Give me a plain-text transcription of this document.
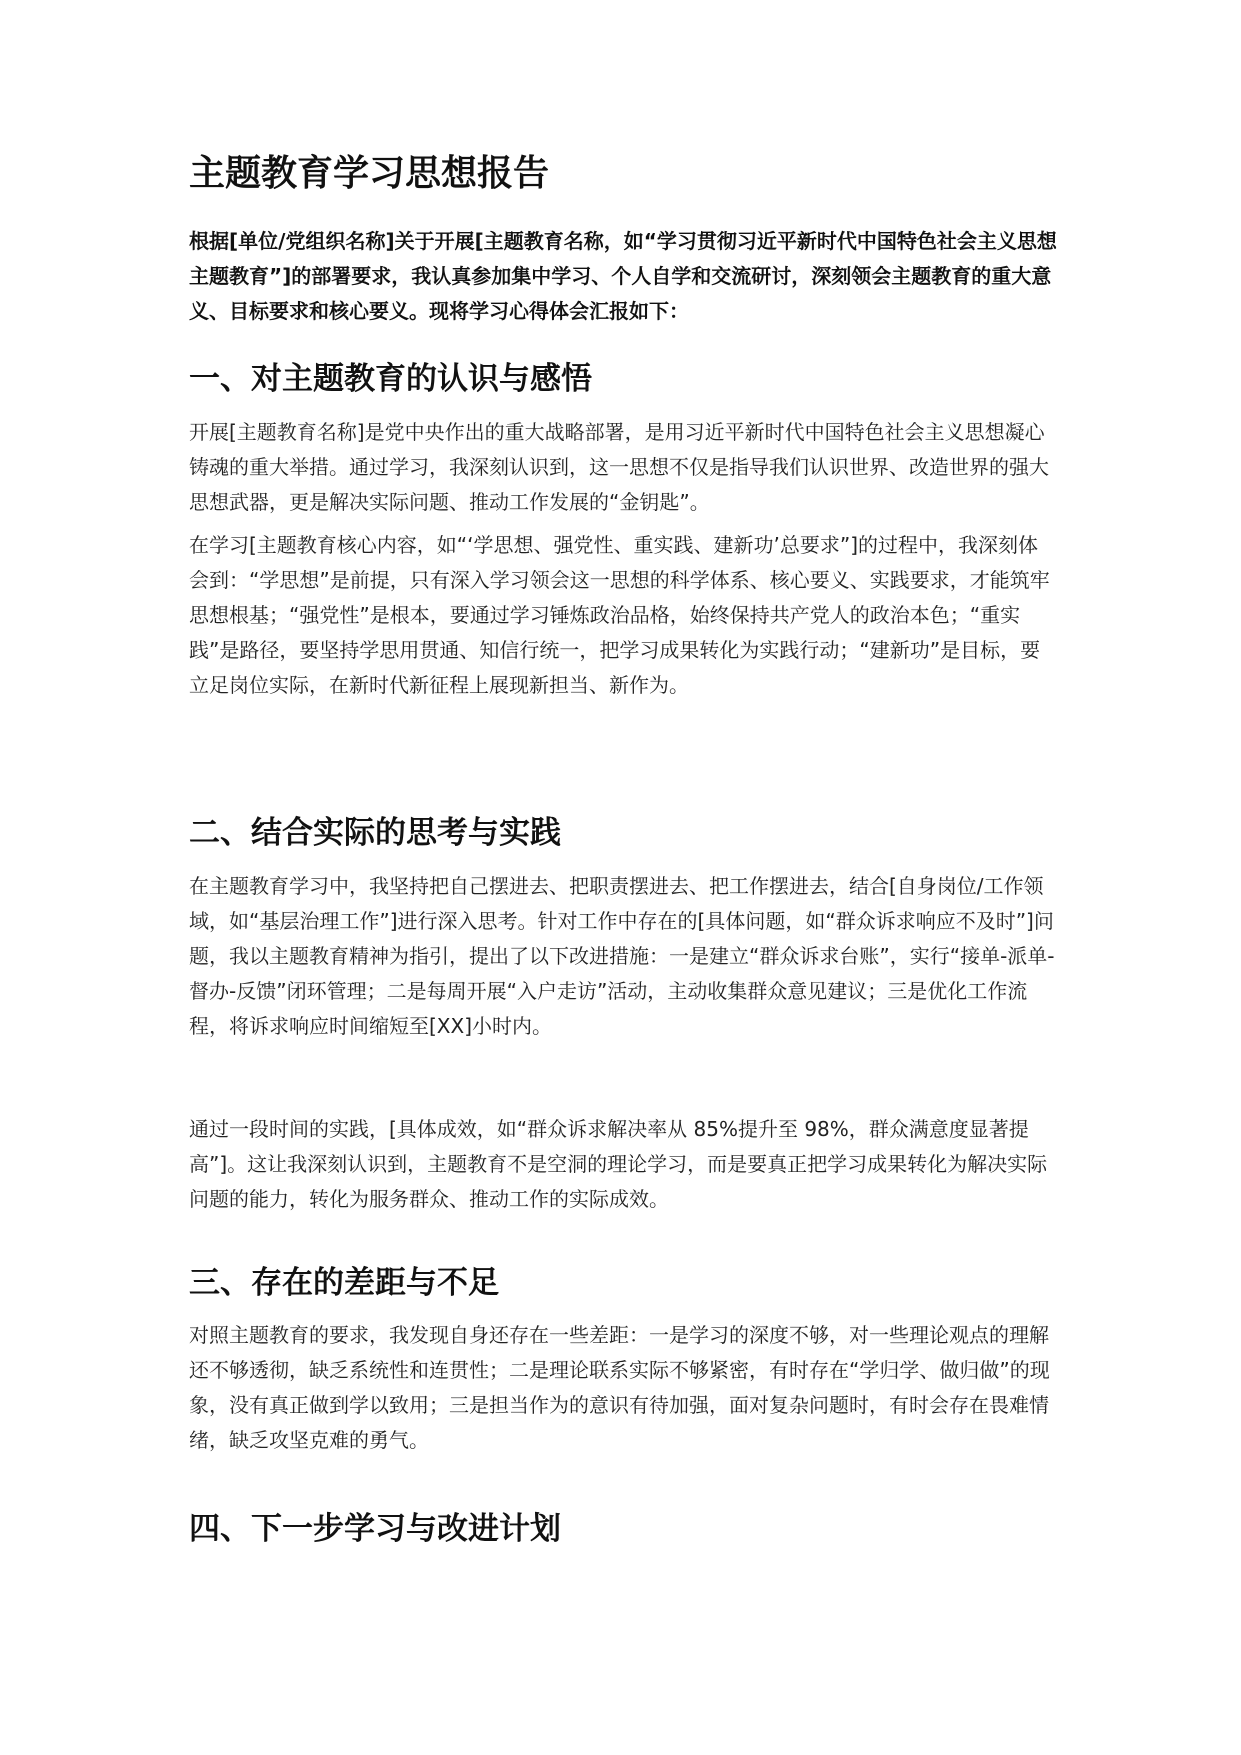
主题教育学习思想报告

根据[单位/党组织名称]关于开展[主题教育名称，如“学习贯彻习近平新时代中国特色社会主义思想主题教育”]的部署要求，我认真参加集中学习、个人自学和交流研讨，深刻领会主题教育的重大意义、目标要求和核心要义。现将学习心得体会汇报如下：

一、对主题教育的认识与感悟

开展[主题教育名称]是党中央作出的重大战略部署，是用习近平新时代中国特色社会主义思想凝心铸魂的重大举措。通过学习，我深刻认识到，这一思想不仅是指导我们认识世界、改造世界的强大思想武器，更是解决实际问题、推动工作发展的“金钥匙”。

在学习[主题教育核心内容，如“‘学思想、强党性、重实践、建新功’总要求”]的过程中，我深刻体会到：“学思想”是前提，只有深入学习领会这一思想的科学体系、核心要义、实践要求，才能筑牢思想根基；“强党性”是根本，要通过学习锤炼政治品格，始终保持共产党人的政治本色；“重实践”是路径，要坚持学思用贯通、知信行统一，把学习成果转化为实践行动；“建新功”是目标，要立足岗位实际，在新时代新征程上展现新担当、新作为。

二、结合实际的思考与实践

在主题教育学习中，我坚持把自己摆进去、把职责摆进去、把工作摆进去，结合[自身岗位/工作领域，如“基层治理工作”]进行深入思考。针对工作中存在的[具体问题，如“群众诉求响应不及时”]问题，我以主题教育精神为指引，提出了以下改进措施：一是建立“群众诉求台账”，实行“接单-派单-督办-反馈”闭环管理；二是每周开展“入户走访”活动，主动收集群众意见建议；三是优化工作流程，将诉求响应时间缩短至[XX]小时内。

通过一段时间的实践，[具体成效，如“群众诉求解决率从 85%提升至 98%，群众满意度显著提高”]。这让我深刻认识到，主题教育不是空洞的理论学习，而是要真正把学习成果转化为解决实际问题的能力，转化为服务群众、推动工作的实际成效。

三、存在的差距与不足

对照主题教育的要求，我发现自身还存在一些差距：一是学习的深度不够，对一些理论观点的理解还不够透彻，缺乏系统性和连贯性；二是理论联系实际不够紧密，有时存在“学归学、做归做”的现象，没有真正做到学以致用；三是担当作为的意识有待加强，面对复杂问题时，有时会存在畏难情绪，缺乏攻坚克难的勇气。

四、下一步学习与改进计划
